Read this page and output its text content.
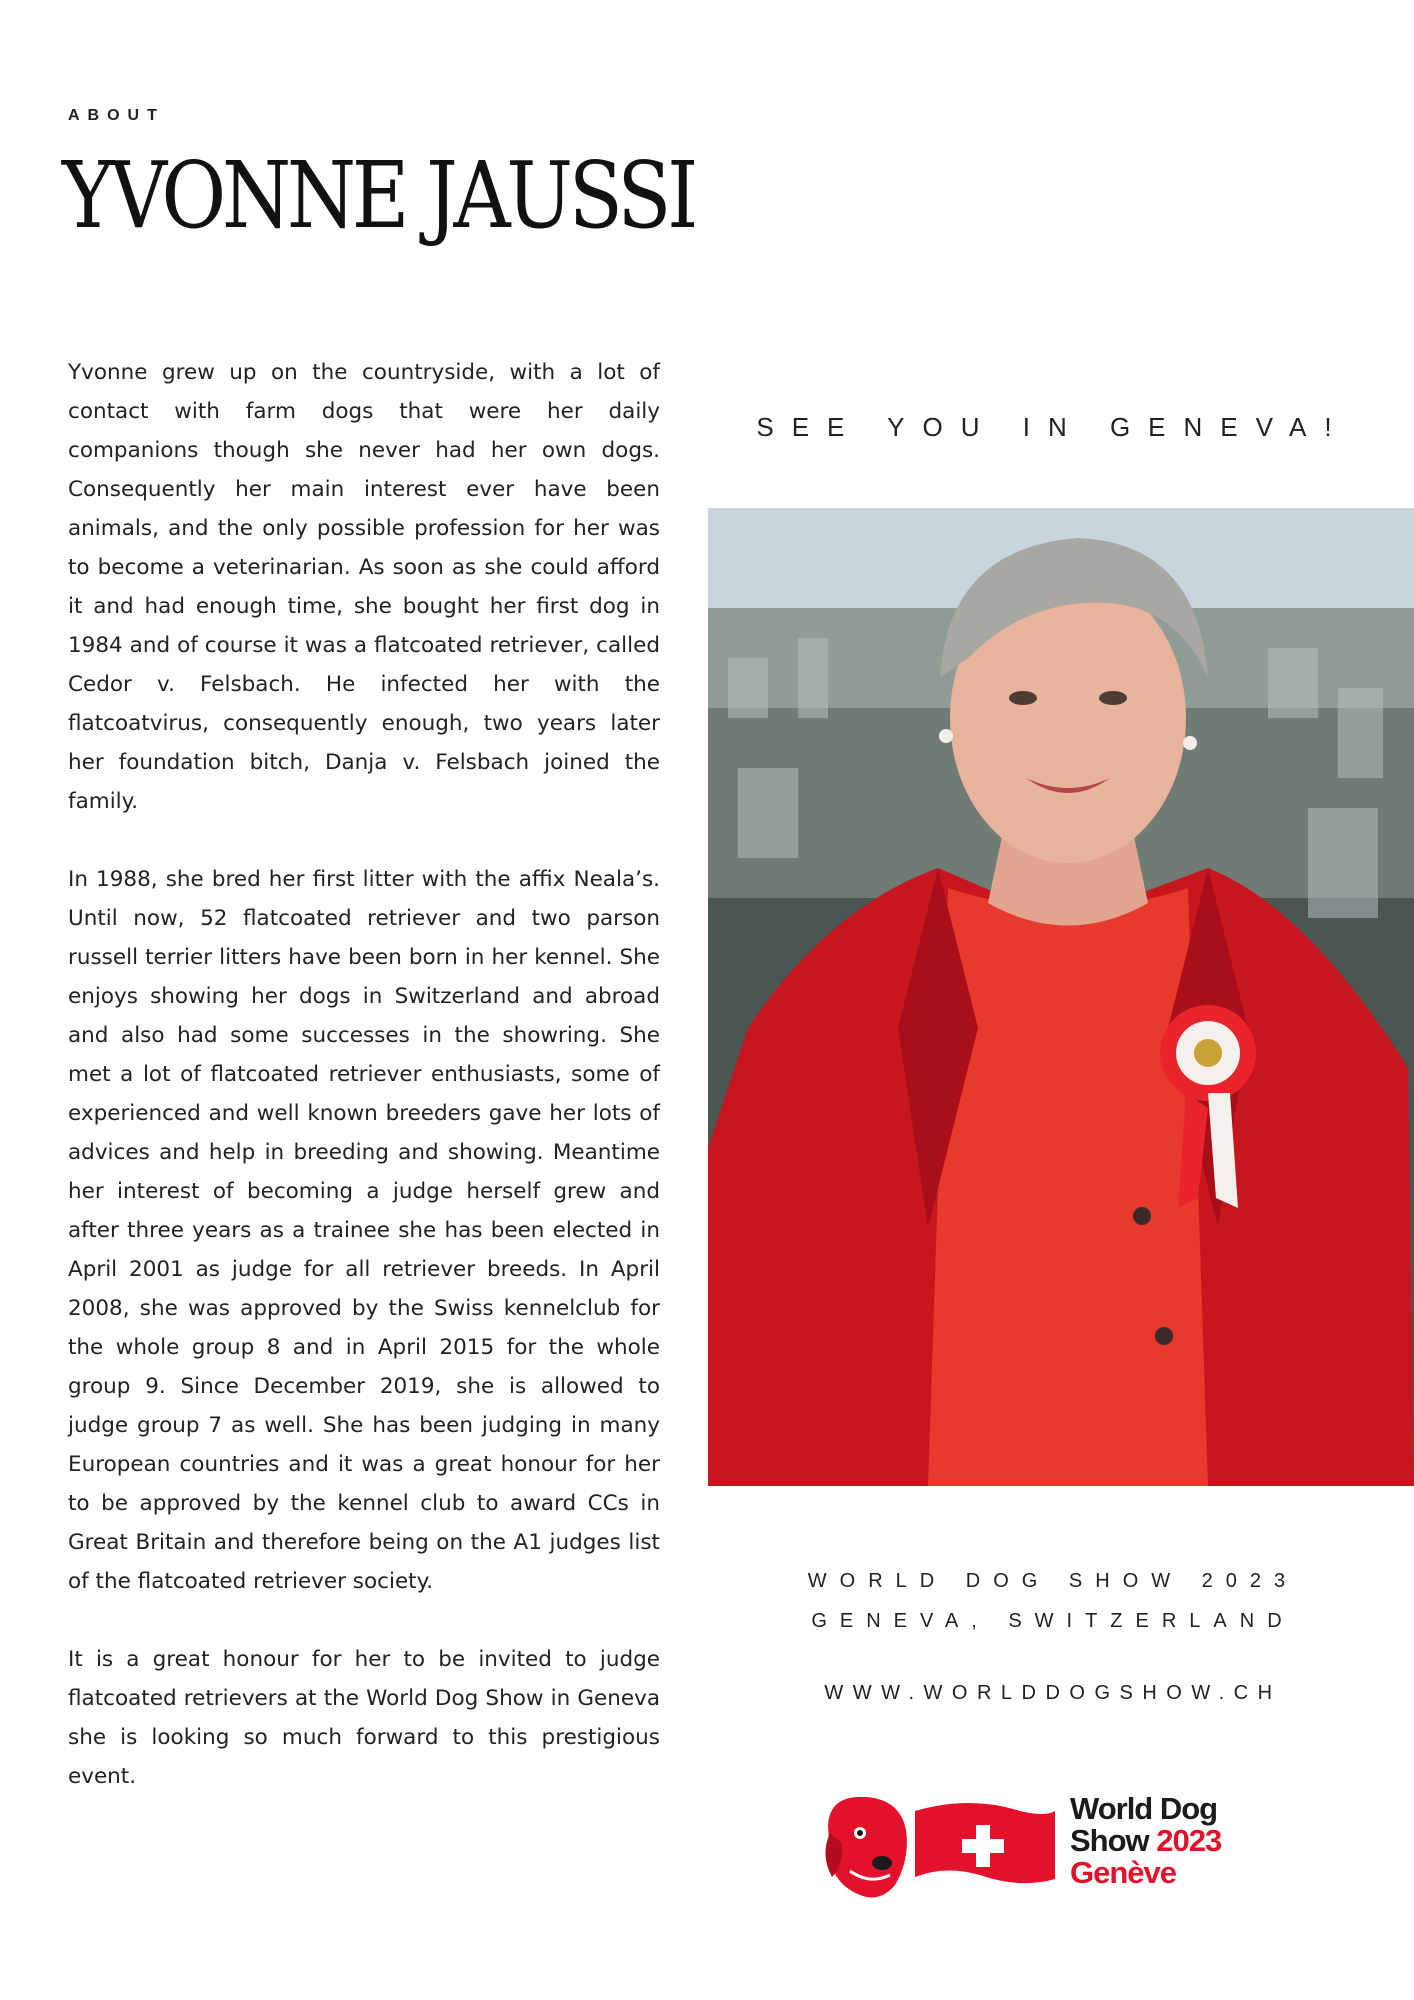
ABOUT
YVONNE JAUSSI

Yvonne grew up on the countryside, with a lot of contact with farm dogs that were her daily companions though she never had her own dogs. Consequently her main interest ever have been animals, and the only possible profession for her was to become a veterinarian. As soon as she could afford it and had enough time, she bought her first dog in 1984 and of course it was a flatcoated retriever, called Cedor v. Felsbach. He infected her with the flatcoatvirus, consequently enough, two years later her foundation bitch, Danja v. Felsbach joined the family.

In 1988, she bred her first litter with the affix Neala’s. Until now, 52 flatcoated retriever and two parson russell terrier litters have been born in her kennel. She enjoys showing her dogs in Switzerland and abroad and also had some successes in the showring. She met a lot of flatcoated retriever enthusiasts, some of experienced and well known breeders gave her lots of advices and help in breeding and showing. Meantime her interest of becoming a judge herself grew and after three years as a trainee she has been elected in April 2001 as judge for all retriever breeds. In April 2008, she was approved by the Swiss kennelclub for the whole group 8 and in April 2015 for the whole group 9. Since December 2019, she is allowed to judge group 7 as well. She has been judging in many European countries and it was a great honour for her to be approved by the kennel club to award CCs in Great Britain and therefore being on the A1 judges list of the flatcoated retriever society.

It is a great honour for her to be invited to judge flatcoated retrievers at the World Dog Show in Geneva she is looking so much forward to this prestigious event.

SEE YOU IN GENEVA!
WORLD DOG SHOW 2023
GENEVA, SWITZERLAND
WWW.WORLDDOGSHOW.CH
World Dog
Show 2023
Genève
